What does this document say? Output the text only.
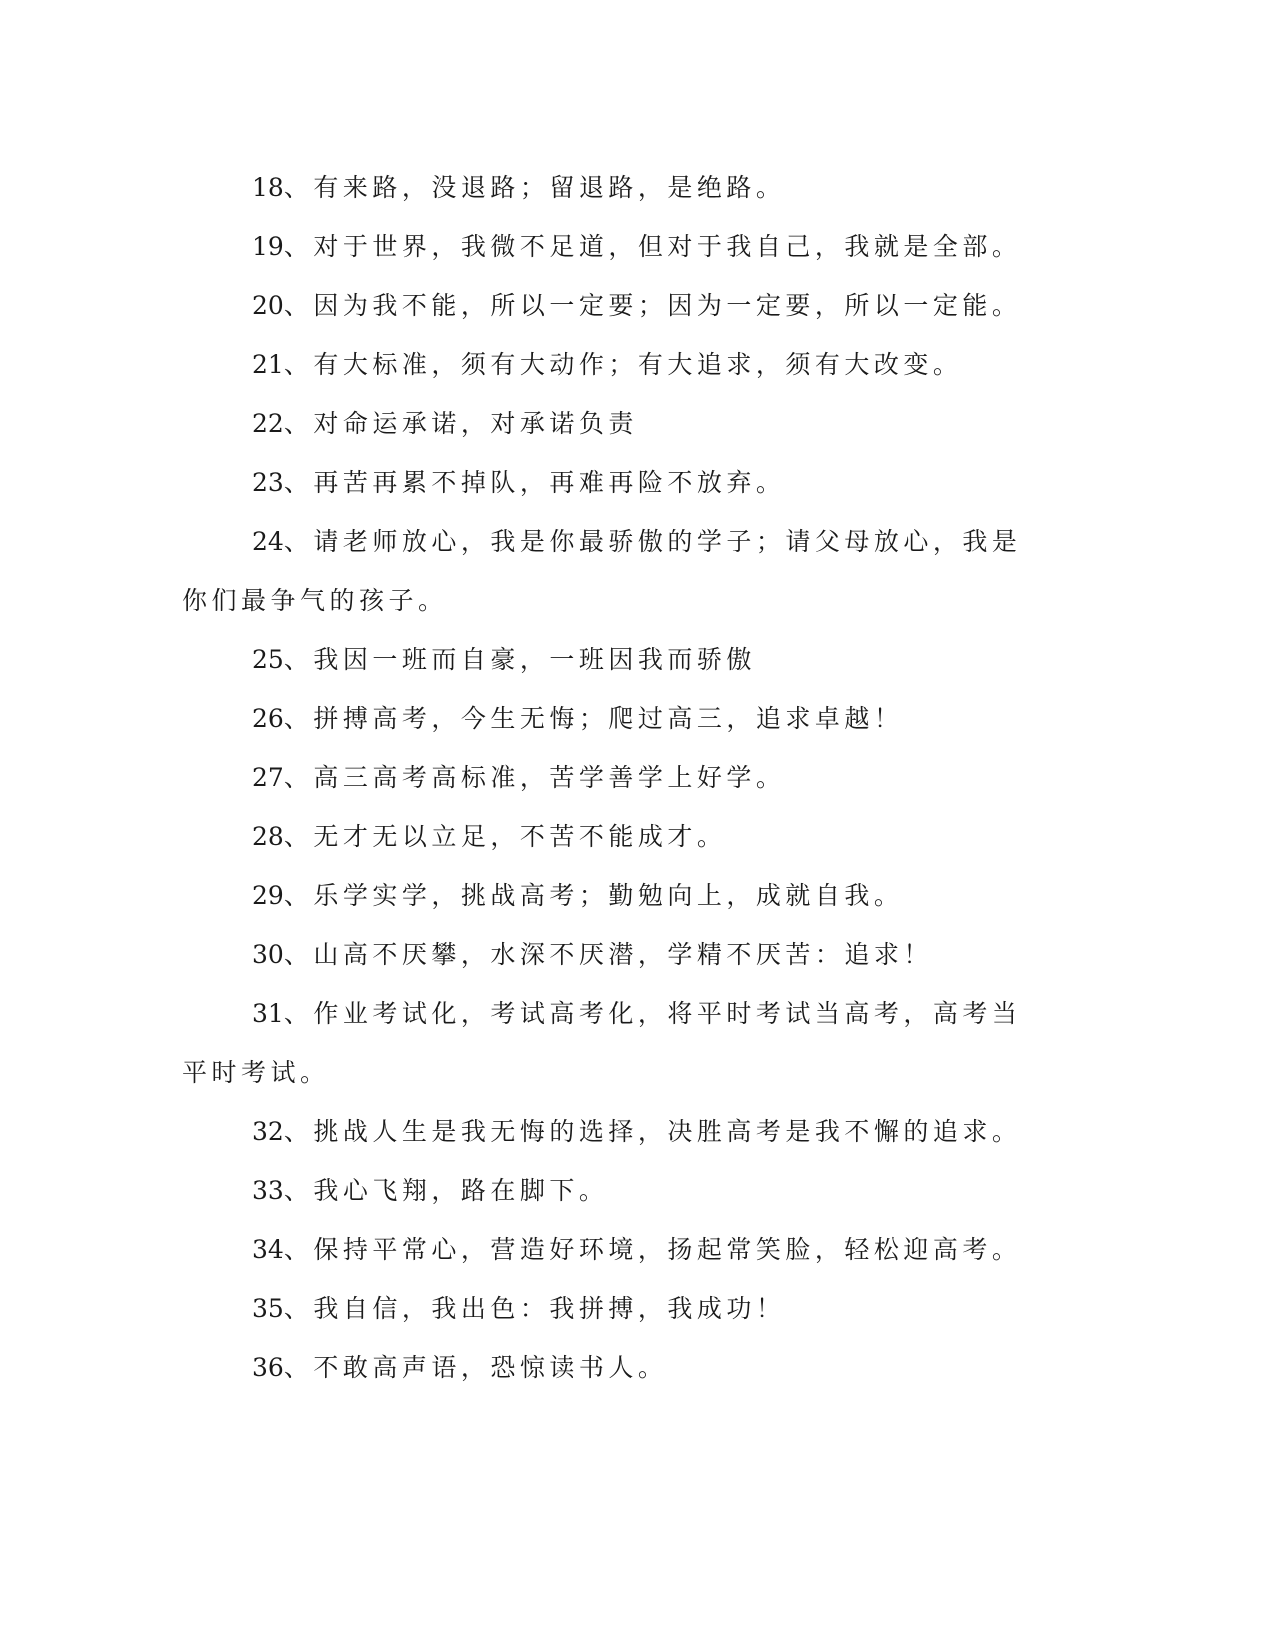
18、有来路，没退路；留退路，是绝路。

19、对于世界，我微不足道，但对于我自己，我就是全部。

20、因为我不能，所以一定要；因为一定要，所以一定能。

21、有大标准，须有大动作；有大追求，须有大改变。

22、对命运承诺，对承诺负责

23、再苦再累不掉队，再难再险不放弃。

24、请老师放心，我是你最骄傲的学子；请父母放心，我是你们最争气的孩子。

25、我因一班而自豪，一班因我而骄傲

26、拼搏高考，今生无悔；爬过高三，追求卓越！

27、高三高考高标准，苦学善学上好学。

28、无才无以立足，不苦不能成才。

29、乐学实学，挑战高考；勤勉向上，成就自我。

30、山高不厌攀，水深不厌潜，学精不厌苦：追求！

31、作业考试化，考试高考化，将平时考试当高考，高考当平时考试。

32、挑战人生是我无悔的选择，决胜高考是我不懈的追求。

33、我心飞翔，路在脚下。

34、保持平常心，营造好环境，扬起常笑脸，轻松迎高考。

35、我自信，我出色：我拼搏，我成功！

36、不敢高声语，恐惊读书人。
